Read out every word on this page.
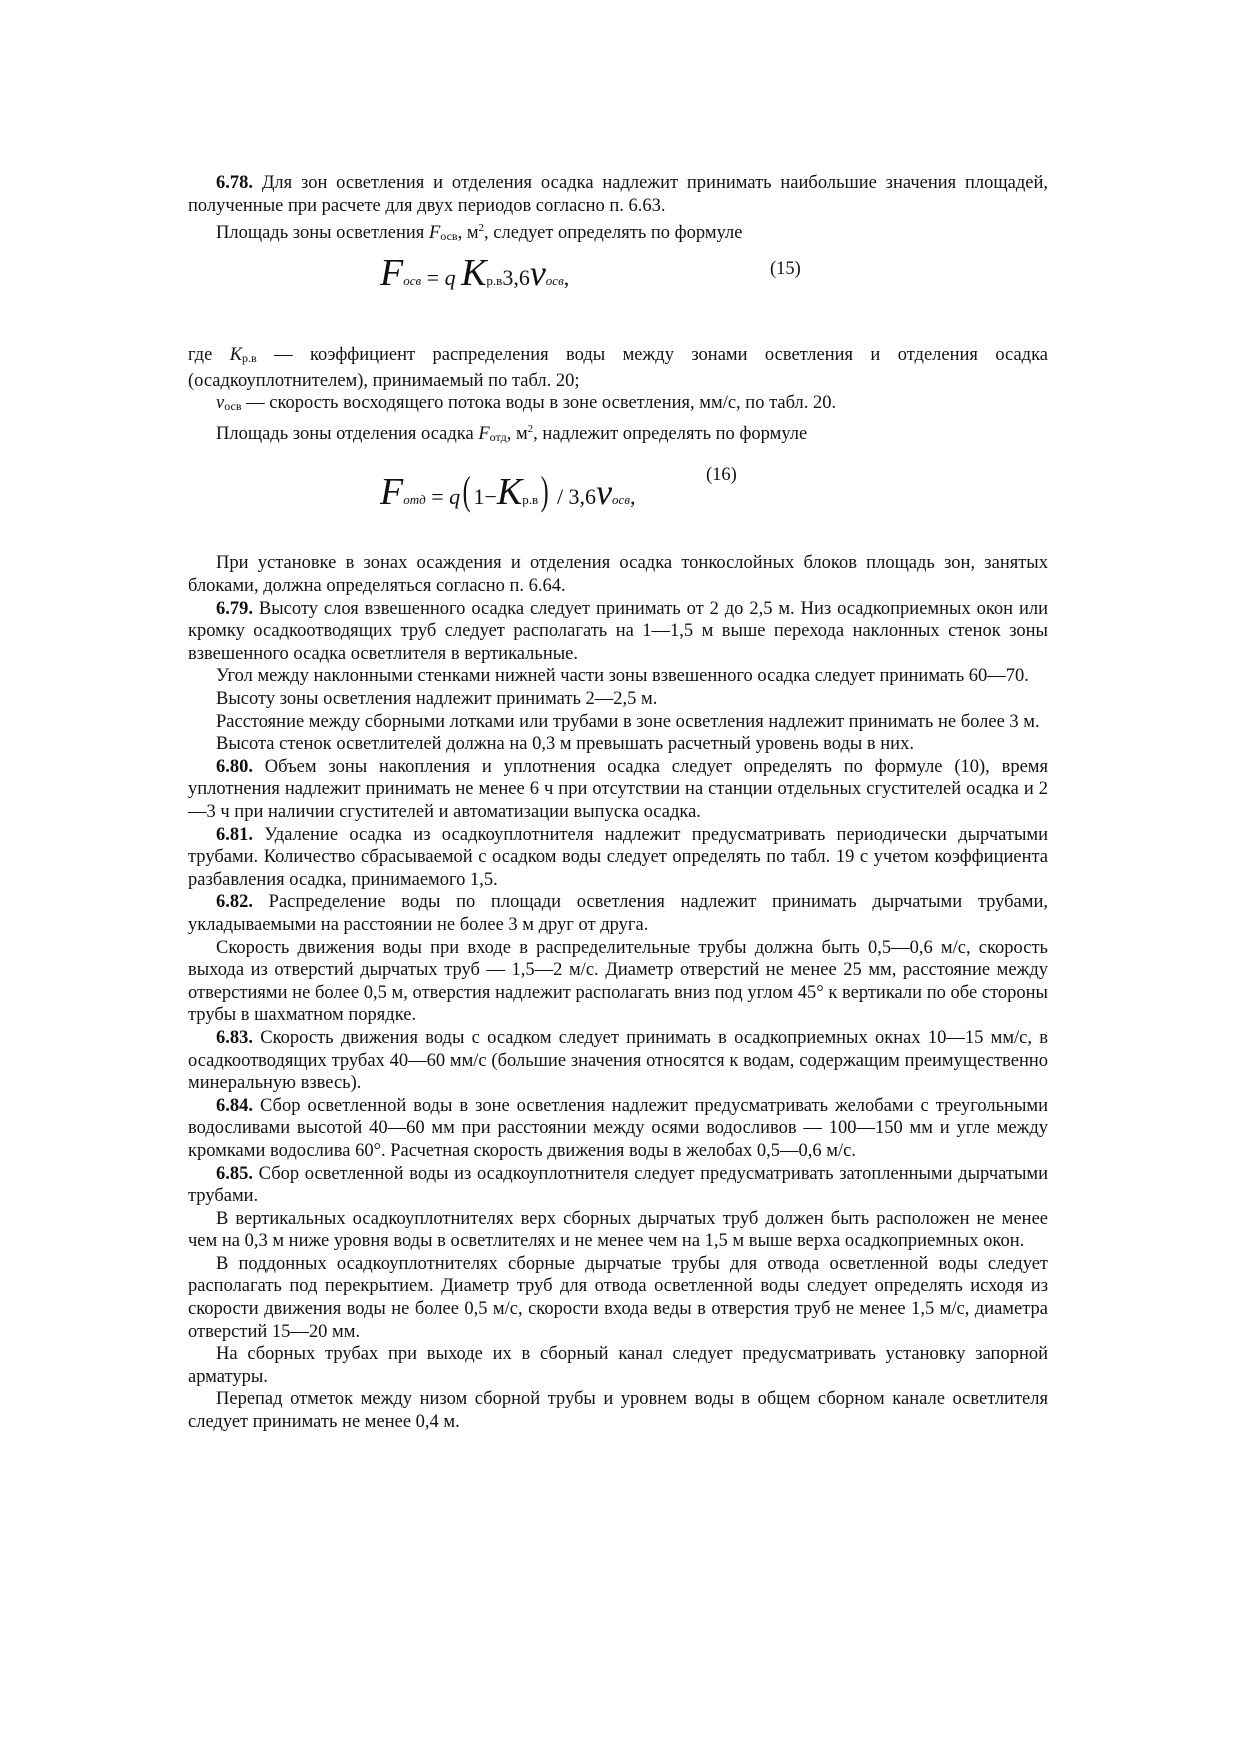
6.78. Для зон осветления и отделения осадка надлежит принимать наибольшие значения площадей, полученные при расчете для двух периодов согласно п. 6.63.

Площадь зоны осветления Fосв, $м^2$, следует определять по формуле

(15)
Fосв = q Kр.в3,6vосв,

где Kр.в — коэффициент распределения воды между зонами осветления и отделения осадка (осадкоуплотнителем), принимаемый по табл. 20;

vосв — скорость восходящего потока воды в зоне осветления, мм/с, по табл. 20.

Площадь зоны отделения осадка Fотд, $м^2$, надлежит определять по формуле

(16)
Fотд = q( 1−Kр.в) / 3,6vосв,

При установке в зонах осаждения и отделения осадка тонкослойных блоков площадь зон, занятых блоками, должна определяться согласно п. 6.64.

6.79. Высоту слоя взвешенного осадка следует принимать от 2 до 2,5 м. Низ осадкоприемных окон или кромку осадкоотводящих труб следует располагать на 1—1,5 м выше перехода наклонных стенок зоны взвешенного осадка осветлителя в вертикальные.

Угол между наклонными стенками нижней части зоны взвешенного осадка следует принимать 60—70.

Высоту зоны осветления надлежит принимать 2—2,5 м.

Расстояние между сборными лотками или трубами в зоне осветления надлежит принимать не более 3 м.

Высота стенок осветлителей должна на 0,3 м превышать расчетный уровень воды в них.

6.80. Объем зоны накопления и уплотнения осадка следует определять по формуле (10), время уплотнения надлежит принимать не менее 6 ч при отсутствии на станции отдельных сгустителей осадка и 2—3 ч при наличии сгустителей и автоматизации выпуска осадка.

6.81. Удаление осадка из осадкоуплотнителя надлежит предусматривать периодически дырчатыми трубами. Количество сбрасываемой с осадком воды следует определять по табл. 19 с учетом коэффициента разбавления осадка, принимаемого 1,5.

6.82. Распределение воды по площади осветления надлежит принимать дырчатыми трубами, укладываемыми на расстоянии не более 3 м друг от друга.

Скорость движения воды при входе в распределительные трубы должна быть 0,5—0,6 м/с, скорость выхода из отверстий дырчатых труб — 1,5—2 м/с. Диаметр отверстий не менее 25 мм, расстояние между отверстиями не более 0,5 м, отверстия надлежит располагать вниз под углом 45° к вертикали по обе стороны трубы в шахматном порядке.

6.83. Скорость движения воды с осадком следует принимать в осадкоприемных окнах 10—15 мм/с, в осадкоотводящих трубах 40—60 мм/с (большие значения относятся к водам, содержащим преимущественно минеральную взвесь).

6.84. Сбор осветленной воды в зоне осветления надлежит предусматривать желобами с треугольными водосливами высотой 40—60 мм при расстоянии между осями водосливов — 100—150 мм и угле между кромками водослива 60°. Расчетная скорость движения воды в желобах 0,5—0,6 м/с.

6.85. Сбор осветленной воды из осадкоуплотнителя следует предусматривать затопленными дырчатыми трубами.

В вертикальных осадкоуплотнителях верх сборных дырчатых труб должен быть расположен не менее чем на 0,3 м ниже уровня воды в осветлителях и не менее чем на 1,5 м выше верха осадкоприемных окон.

В поддонных осадкоуплотнителях сборные дырчатые трубы для отвода осветленной воды следует располагать под перекрытием. Диаметр труб для отвода осветленной воды следует определять исходя из скорости движения воды не более 0,5 м/с, скорости входа веды в отверстия труб не менее 1,5 м/с, диаметра отверстий 15—20 мм.

На сборных трубах при выходе их в сборный канал следует предусматривать установку запорной арматуры.

Перепад отметок между низом сборной трубы и уровнем воды в общем сборном канале осветлителя следует принимать не менее 0,4 м.
